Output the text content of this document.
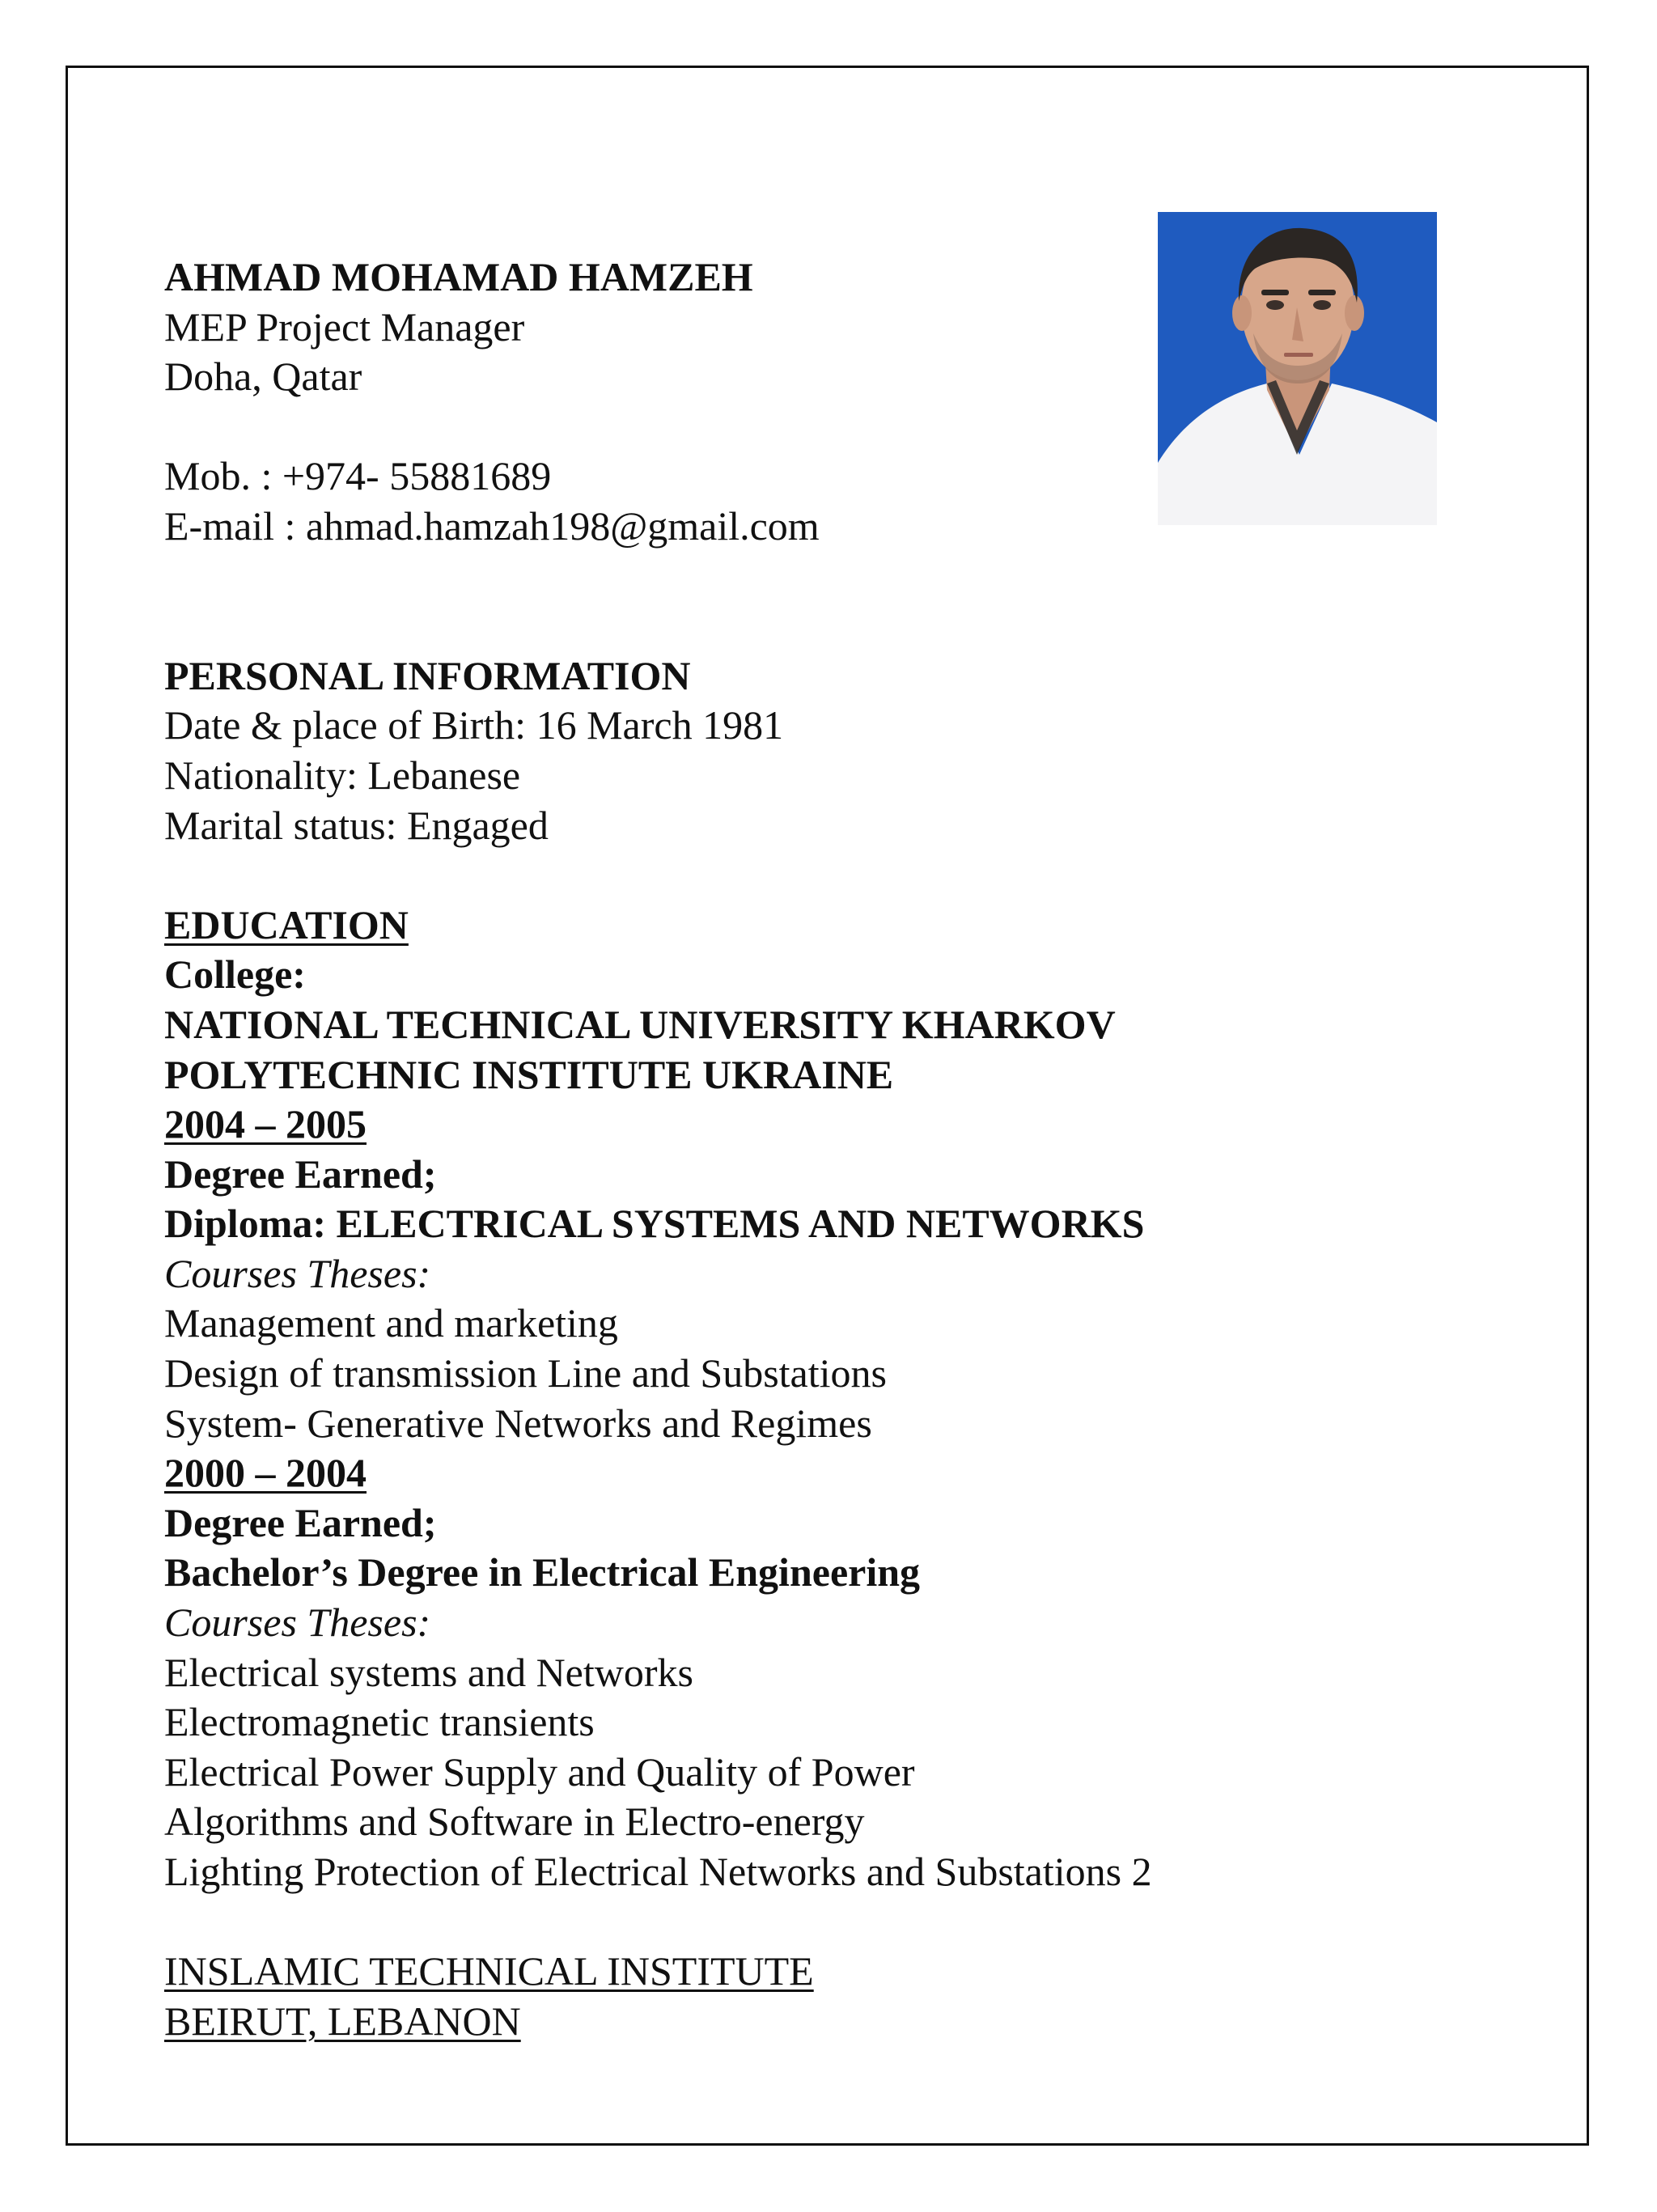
AHMAD MOHAMAD HAMZEH
MEP Project Manager
Doha, Qatar
Mob. : +974- 55881689
E-mail : ahmad.hamzah198@gmail.com
PERSONAL INFORMATION
Date & place of Birth: 16 March 1981
Nationality: Lebanese
Marital status: Engaged
EDUCATION
College:
NATIONAL TECHNICAL UNIVERSITY KHARKOV
POLYTECHNIC INSTITUTE UKRAINE
2004 – 2005
Degree Earned;
Diploma: ELECTRICAL SYSTEMS AND NETWORKS
Courses Theses:
Management and marketing
Design of transmission Line and Substations
System- Generative Networks and Regimes
2000 – 2004
Degree Earned;
Bachelor’s Degree in Electrical Engineering
Courses Theses:
Electrical systems and Networks
Electromagnetic transients
Electrical Power Supply and Quality of Power
Algorithms and Software in Electro-energy
Lighting Protection of Electrical Networks and Substations 2
INSLAMIC TECHNICAL INSTITUTE
BEIRUT, LEBANON
